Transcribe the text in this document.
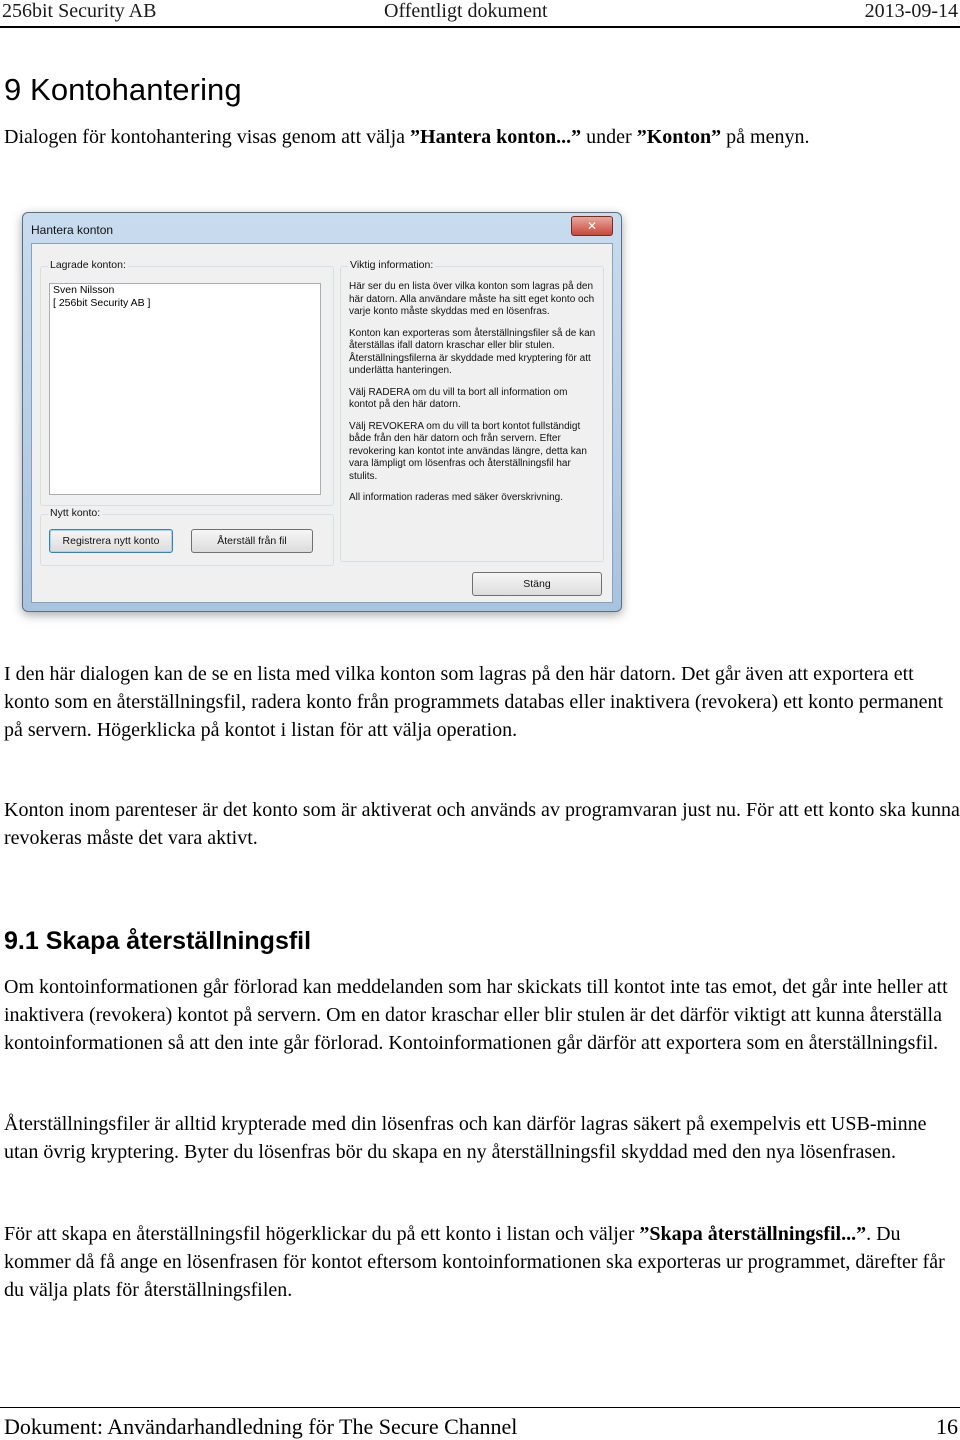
256bit Security AB	Offentligt dokument	2013-09-14
9 Kontohantering

Dialogen för kontohantering visas genom att välja ”Hantera konton...” under ”Konton” på menyn.

Hantera konton	✕
Lagrade konton:
Sven Nilsson
[ 256bit Security AB ]
Nytt konto:
Registrera nytt konto	Återställ från fil
Viktig information:

Här ser du en lista över vilka konton som lagras på den här datorn. Alla användare måste ha sitt eget konto och varje konto måste skyddas med en lösenfras.

Konton kan exporteras som återställningsfiler så de kan återställas ifall datorn kraschar eller blir stulen. Återställningsfilerna är skyddade med kryptering för att underlätta hanteringen.

Välj RADERA om du vill ta bort all information om kontot på den här datorn.

Välj REVOKERA om du vill ta bort kontot fullständigt både från den här datorn och från servern. Efter revokering kan kontot inte användas längre, detta kan vara lämpligt om lösenfras och återställningsfil har stulits.

All information raderas med säker överskrivning.

Stäng

I den här dialogen kan de se en lista med vilka konton som lagras på den här datorn. Det går även att exportera ett konto som en återställningsfil, radera konto från programmets databas eller inaktivera (revokera) ett konto permanent på servern. Högerklicka på kontot i listan för att välja operation.

Konton inom parenteser är det konto som är aktiverat och används av programvaran just nu. För att ett konto ska kunna revokeras måste det vara aktivt.

9.1 Skapa återställningsfil

Om kontoinformationen går förlorad kan meddelanden som har skickats till kontot inte tas emot, det går inte heller att inaktivera (revokera) kontot på servern. Om en dator kraschar eller blir stulen är det därför viktigt att kunna återställa kontoinformationen så att den inte går förlorad. Kontoinformationen går därför att exportera som en återställningsfil.

Återställningsfiler är alltid krypterade med din lösenfras och kan därför lagras säkert på exempelvis ett USB-minne utan övrig kryptering. Byter du lösenfras bör du skapa en ny återställningsfil skyddad med den nya lösenfrasen.

För att skapa en återställningsfil högerklickar du på ett konto i listan och väljer ”Skapa återställningsfil...”. Du kommer då få ange en lösenfrasen för kontot eftersom kontoinformationen ska exporteras ur programmet, därefter får du välja plats för återställningsfilen.

Dokument: Användarhandledning för The Secure Channel	16
